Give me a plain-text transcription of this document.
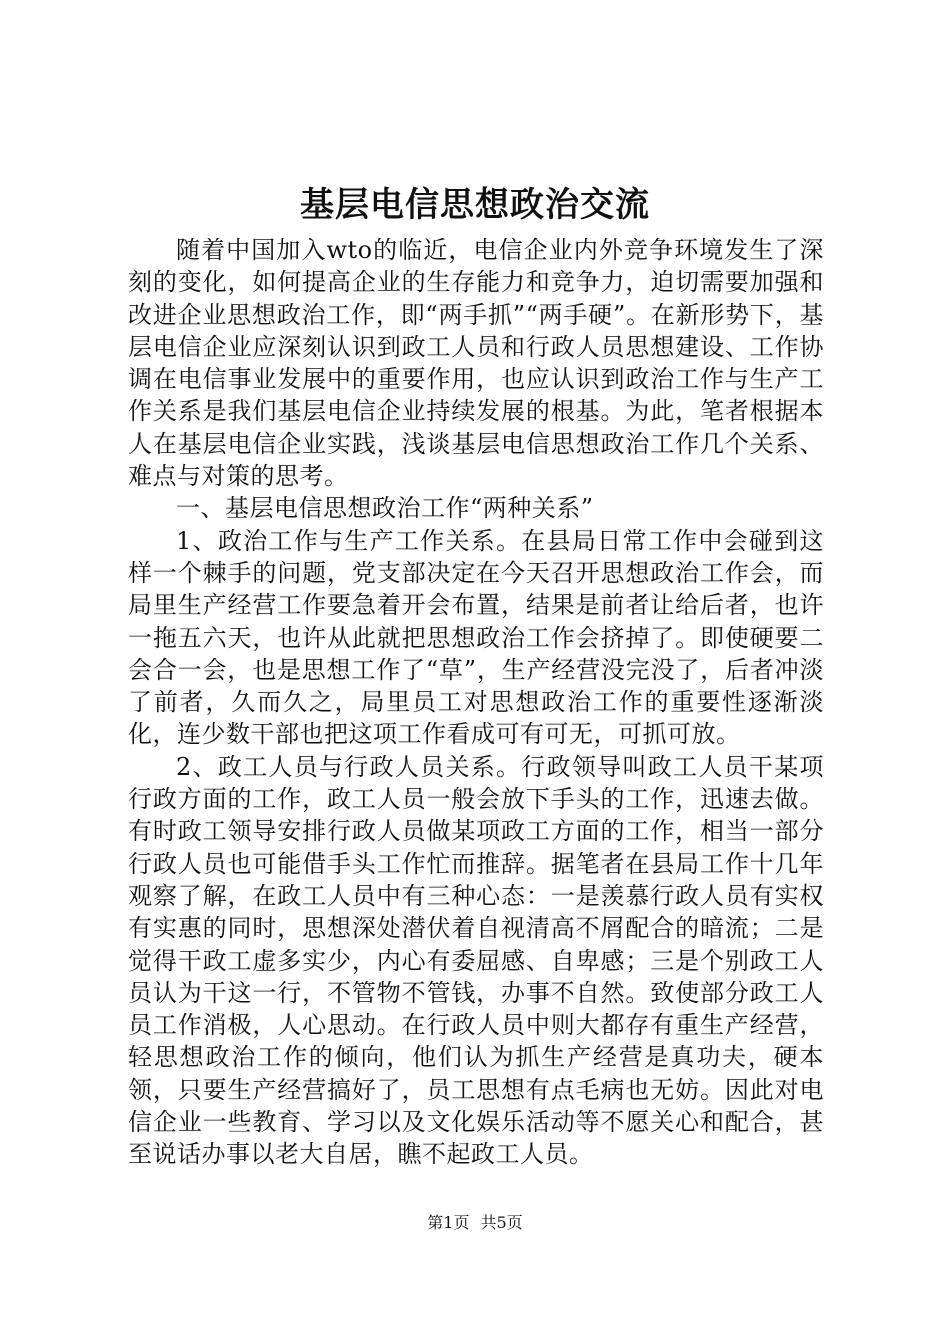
基层电信思想政治交流

随着中国加入wto的临近，电信企业内外竞争环境发生了深刻的变化，如何提高企业的生存能力和竞争力，迫切需要加强和改进企业思想政治工作，即“两手抓”“两手硬”。在新形势下，基层电信企业应深刻认识到政工人员和行政人员思想建设、工作协调在电信事业发展中的重要作用，也应认识到政治工作与生产工作关系是我们基层电信企业持续发展的根基。为此，笔者根据本人在基层电信企业实践，浅谈基层电信思想政治工作几个关系、难点与对策的思考。

一、基层电信思想政治工作“两种关系”

1、政治工作与生产工作关系。在县局日常工作中会碰到这样一个棘手的问题，党支部决定在今天召开思想政治工作会，而局里生产经营工作要急着开会布置，结果是前者让给后者，也许一拖五六天，也许从此就把思想政治工作会挤掉了。即使硬要二会合一会，也是思想工作了“草”，生产经营没完没了，后者冲淡了前者，久而久之，局里员工对思想政治工作的重要性逐渐淡化，连少数干部也把这项工作看成可有可无，可抓可放。

2、政工人员与行政人员关系。行政领导叫政工人员干某项行政方面的工作，政工人员一般会放下手头的工作，迅速去做。有时政工领导安排行政人员做某项政工方面的工作，相当一部分行政人员也可能借手头工作忙而推辞。据笔者在县局工作十几年观察了解，在政工人员中有三种心态：一是羡慕行政人员有实权有实惠的同时，思想深处潜伏着自视清高不屑配合的暗流；二是觉得干政工虚多实少，内心有委屈感、自卑感；三是个别政工人员认为干这一行，不管物不管钱，办事不自然。致使部分政工人员工作消极，人心思动。在行政人员中则大都存有重生产经营，轻思想政治工作的倾向，他们认为抓生产经营是真功夫，硬本领，只要生产经营搞好了，员工思想有点毛病也无妨。因此对电信企业一些教育、学习以及文化娱乐活动等不愿关心和配合，甚至说话办事以老大自居，瞧不起政工人员。

第1页 共5页
